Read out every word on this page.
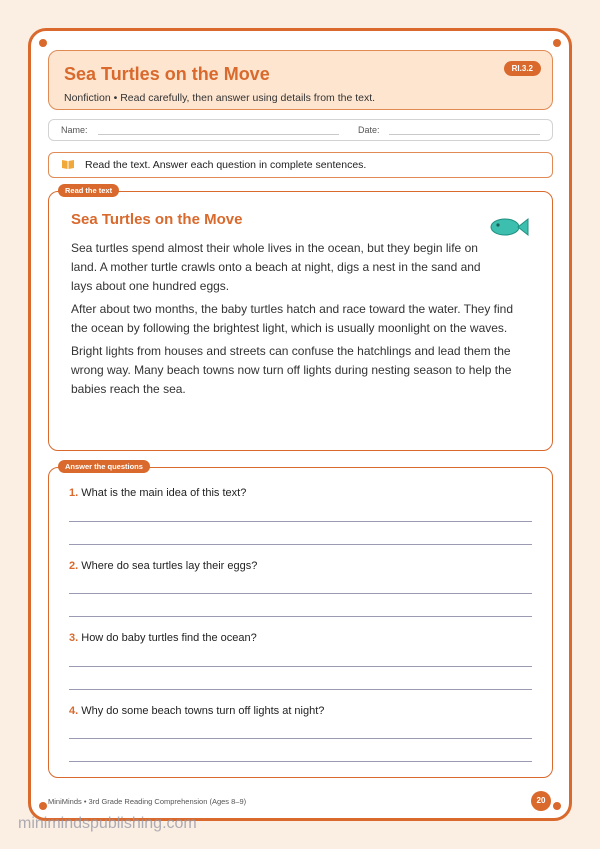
Sea Turtles on the Move
Nonfiction • Read carefully, then answer using details from the text.
RI.3.2
Name:	Date:
Read the text. Answer each question in complete sentences.
Read the text
Sea Turtles on the Move

Sea turtles spend almost their whole lives in the ocean, but they begin life on land. A mother turtle crawls onto a beach at night, digs a nest in the sand and lays about one hundred eggs.

After about two months, the baby turtles hatch and race toward the water. They find the ocean by following the brightest light, which is usually moonlight on the waves.

Bright lights from houses and streets can confuse the hatchlings and lead them the wrong way. Many beach towns now turn off lights during nesting season to help the babies reach the sea.

Answer the questions
1. What is the main idea of this text?
2. Where do sea turtles lay their eggs?
3. How do baby turtles find the ocean?
4. Why do some beach towns turn off lights at night?
MiniMinds • 3rd Grade Reading Comprehension (Ages 8–9)	20
minimindspublishing.com
